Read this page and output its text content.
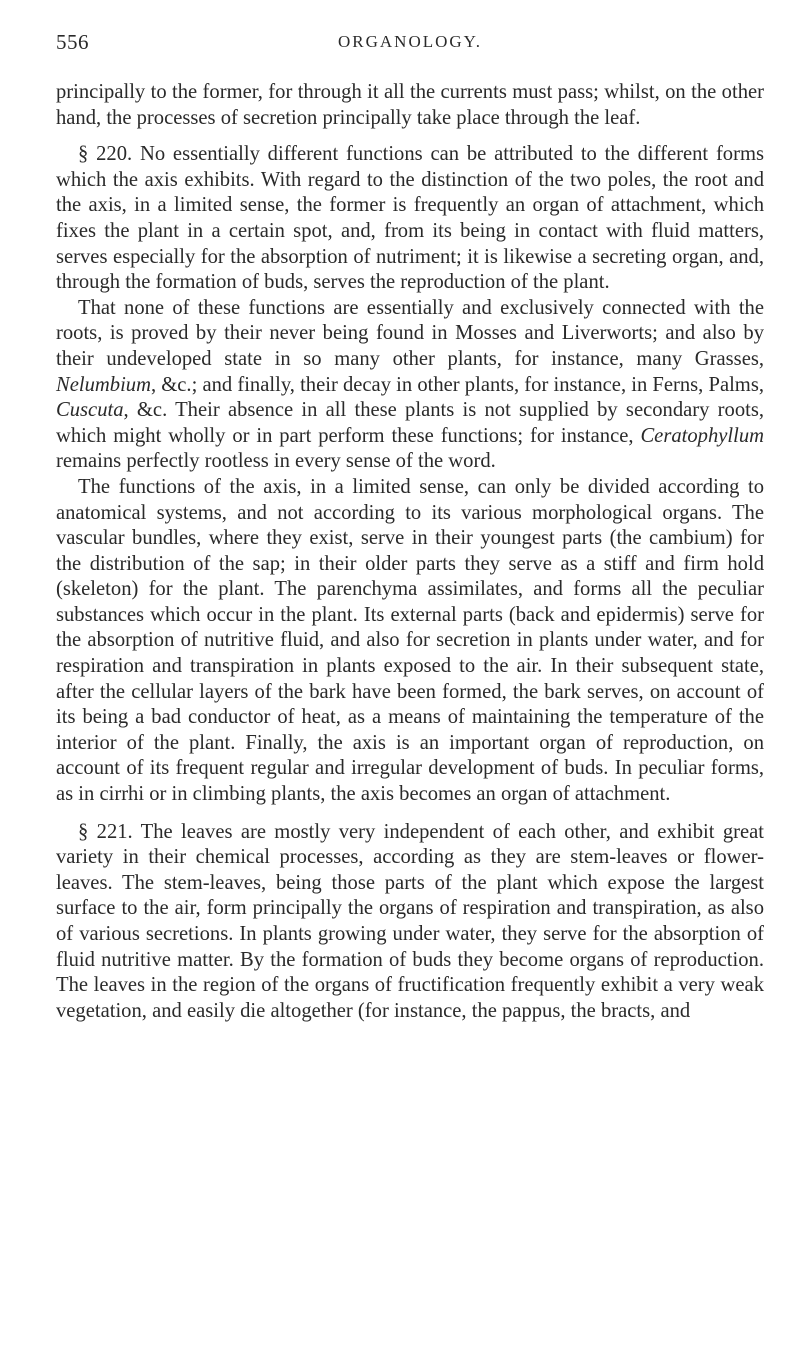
556	ORGANOLOGY.

principally to the former, for through it all the currents must pass; whilst, on the other hand, the processes of secretion principally take place through the leaf.

§ 220. No essentially different functions can be attributed to the different forms which the axis exhibits. With regard to the distinction of the two poles, the root and the axis, in a limited sense, the former is frequently an organ of attachment, which fixes the plant in a certain spot, and, from its being in contact with fluid matters, serves especially for the absorption of nutriment; it is likewise a secreting organ, and, through the formation of buds, serves the reproduction of the plant.

That none of these functions are essentially and exclusively connected with the roots, is proved by their never being found in Mosses and Liverworts; and also by their undeveloped state in so many other plants, for instance, many Grasses, Nelumbium, &c.; and finally, their decay in other plants, for instance, in Ferns, Palms, Cuscuta, &c. Their absence in all these plants is not supplied by secondary roots, which might wholly or in part perform these functions; for instance, Ceratophyllum remains perfectly rootless in every sense of the word.

The functions of the axis, in a limited sense, can only be divided according to anatomical systems, and not according to its various morphological organs. The vascular bundles, where they exist, serve in their youngest parts (the cambium) for the distribution of the sap; in their older parts they serve as a stiff and firm hold (skeleton) for the plant. The parenchyma assimilates, and forms all the peculiar substances which occur in the plant. Its external parts (back and epidermis) serve for the absorption of nutritive fluid, and also for secretion in plants under water, and for respiration and transpiration in plants exposed to the air. In their subsequent state, after the cellular layers of the bark have been formed, the bark serves, on account of its being a bad conductor of heat, as a means of maintaining the temperature of the interior of the plant. Finally, the axis is an important organ of reproduction, on account of its frequent regular and irregular development of buds. In peculiar forms, as in cirrhi or in climbing plants, the axis becomes an organ of attachment.

§ 221. The leaves are mostly very independent of each other, and exhibit great variety in their chemical processes, according as they are stem-leaves or flower-leaves. The stem-leaves, being those parts of the plant which expose the largest surface to the air, form principally the organs of respiration and transpiration, as also of various secretions. In plants growing under water, they serve for the absorption of fluid nutritive matter. By the formation of buds they become organs of reproduction. The leaves in the region of the organs of fructification frequently exhibit a very weak vegetation, and easily die altogether (for instance, the pappus, the bracts, and
